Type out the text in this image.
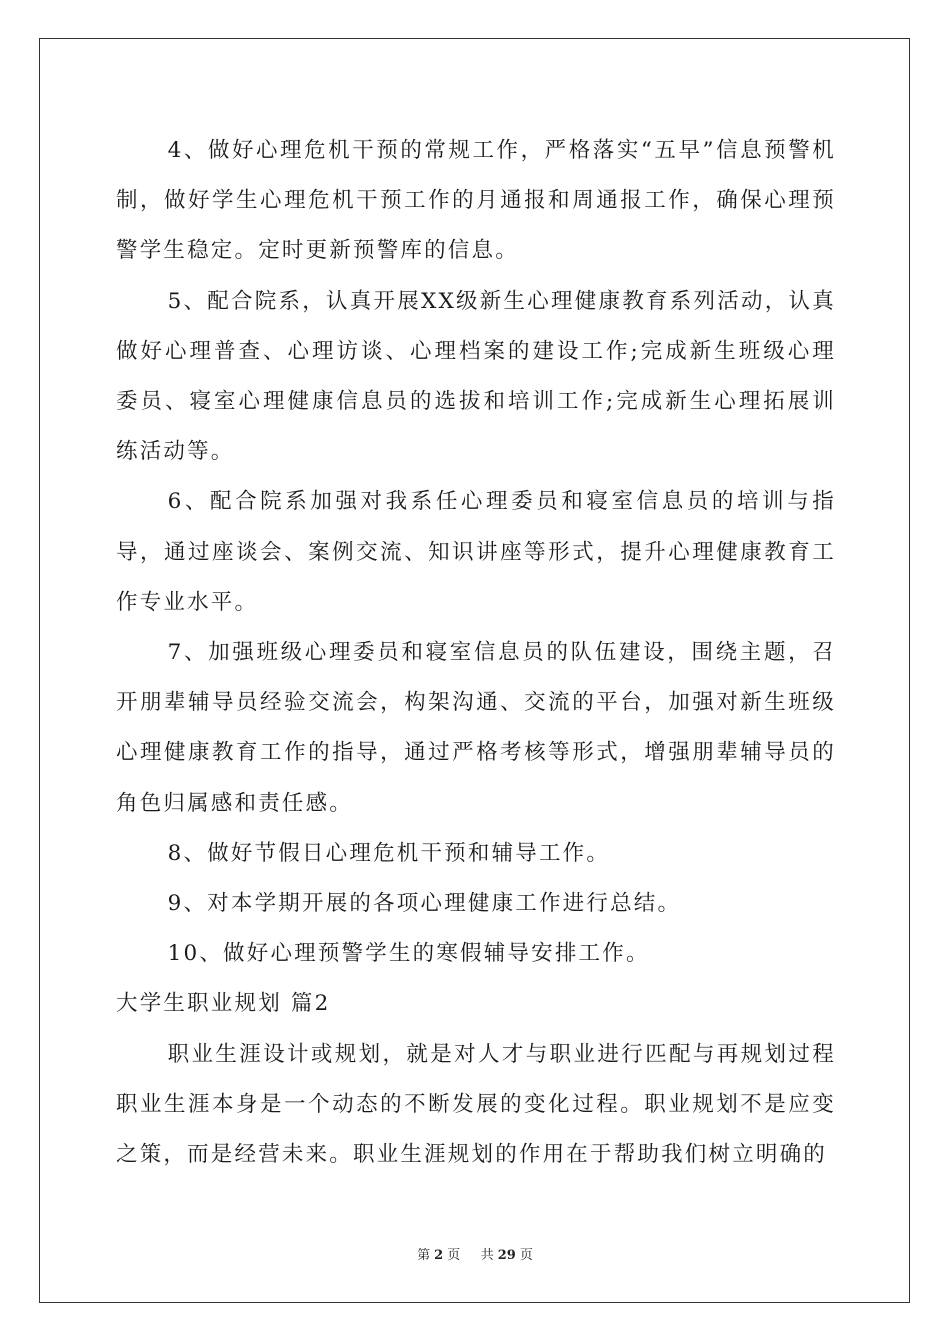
4、做好心理危机干预的常规工作，严格落实“五早”信息预警机制，做好学生心理危机干预工作的月通报和周通报工作，确保心理预警学生稳定。定时更新预警库的信息。

5、配合院系，认真开展XX级新生心理健康教育系列活动，认真做好心理普查、心理访谈、心理档案的建设工作;完成新生班级心理委员、寝室心理健康信息员的选拔和培训工作;完成新生心理拓展训练活动等。

6、配合院系加强对我系任心理委员和寝室信息员的培训与指导，通过座谈会、案例交流、知识讲座等形式，提升心理健康教育工作专业水平。

7、加强班级心理委员和寝室信息员的队伍建设，围绕主题，召开朋辈辅导员经验交流会，构架沟通、交流的平台，加强对新生班级心理健康教育工作的指导，通过严格考核等形式，增强朋辈辅导员的角色归属感和责任感。

8、做好节假日心理危机干预和辅导工作。

9、对本学期开展的各项心理健康工作进行总结。

10、做好心理预警学生的寒假辅导安排工作。

大学生职业规划 篇2

职业生涯设计或规划，就是对人才与职业进行匹配与再规划过程职业生涯本身是一个动态的不断发展的变化过程。职业规划不是应变之策，而是经营未来。职业生涯规划的作用在于帮助我们树立明确的

第 2 页 共 29 页
